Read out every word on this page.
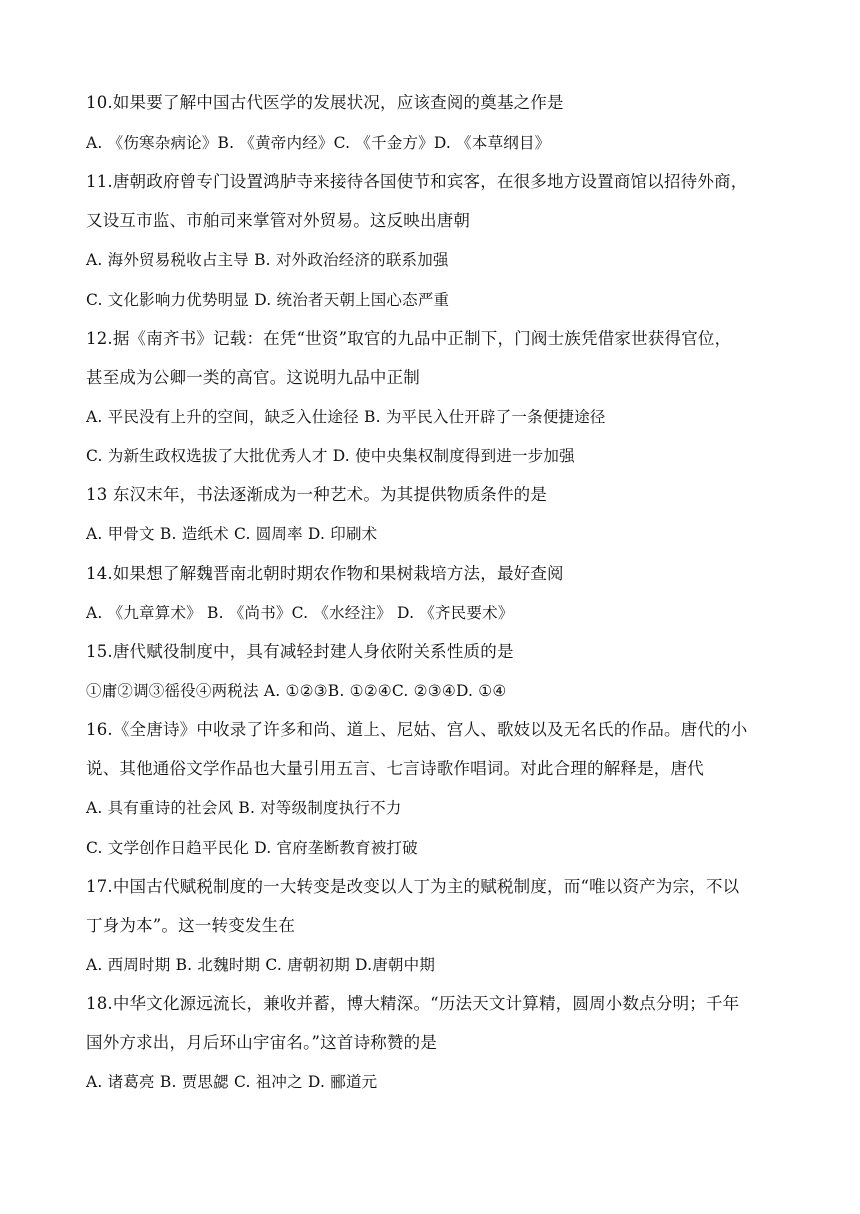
10.如果要了解中国古代医学的发展状况，应该查阅的奠基之作是
A. 《伤寒杂病论》B. 《黄帝内经》C. 《千金方》D. 《本草纲目》
11.唐朝政府曾专门设置鸿胪寺来接待各国使节和宾客，在很多地方设置商馆以招待外商，
又设互市监、市舶司来掌管对外贸易。这反映出唐朝
A. 海外贸易税收占主导 B. 对外政治经济的联系加强
C. 文化影响力优势明显 D. 统治者天朝上国心态严重
12.据《南齐书》记载：在凭“世资”取官的九品中正制下，门阀士族凭借家世获得官位，
甚至成为公卿一类的高官。这说明九品中正制
A. 平民没有上升的空间，缺乏入仕途径 B. 为平民入仕开辟了一条便捷途径
C. 为新生政权选拔了大批优秀人才 D. 使中央集权制度得到进一步加强
13 东汉末年，书法逐渐成为一种艺术。为其提供物质条件的是
A. 甲骨文 B. 造纸术 C. 圆周率 D. 印刷术
14.如果想了解魏晋南北朝时期农作物和果树栽培方法，最好查阅
A. 《九章算术》 B. 《尚书》C. 《水经注》 D. 《齐民要术》
15.唐代赋役制度中，具有减轻封建人身依附关系性质的是
①庸②调③徭役④两税法 A. ①②③B. ①②④C. ②③④D. ①④
16.《全唐诗》中收录了许多和尚、道上、尼姑、宫人、歌妓以及无名氏的作品。唐代的小
说、其他通俗文学作品也大量引用五言、七言诗歌作唱词。对此合理的解释是，唐代
A. 具有重诗的社会风 B. 对等级制度执行不力
C. 文学创作日趋平民化 D. 官府垄断教育被打破
17.中国古代赋税制度的一大转变是改变以人丁为主的赋税制度，而“唯以资产为宗，不以
丁身为本”。这一转变发生在
A. 西周时期 B. 北魏时期 C. 唐朝初期 D.唐朝中期
18.中华文化源远流长，兼收并蓄，博大精深。“历法天文计算精，圆周小数点分明；千年
国外方求出，月后环山宇宙名。”这首诗称赞的是
A. 诸葛亮 B. 贾思勰 C. 祖冲之 D. 郦道元
